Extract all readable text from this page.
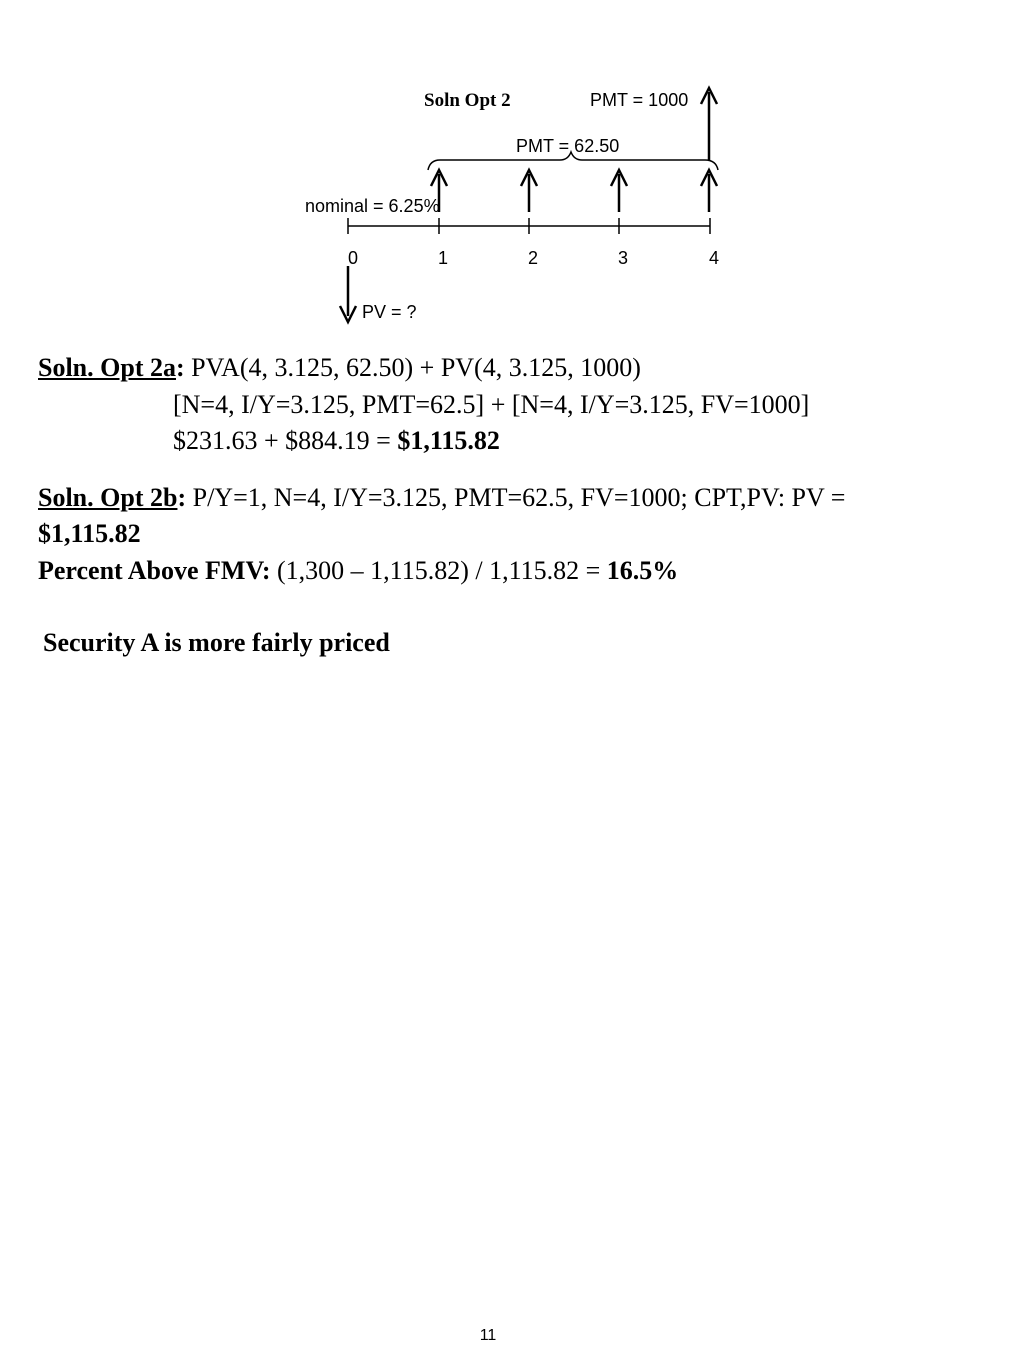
Soln Opt 2	PMT = 1000
PMT = 62.50
nominal = 6.25%
0	1	2	3	4
PV = ?
Soln. Opt 2a: PVA(4, 3.125, 62.50) + PV(4, 3.125, 1000)
[N=4, I/Y=3.125, PMT=62.5] + [N=4, I/Y=3.125, FV=1000]
$231.63 + $884.19 = $1,115.82
Soln. Opt 2b: P/Y=1, N=4, I/Y=3.125, PMT=62.5, FV=1000; CPT,PV: PV =
$1,115.82
Percent Above FMV: (1,300 – 1,115.82) / 1,115.82 = 16.5%
Security A is more fairly priced
11
